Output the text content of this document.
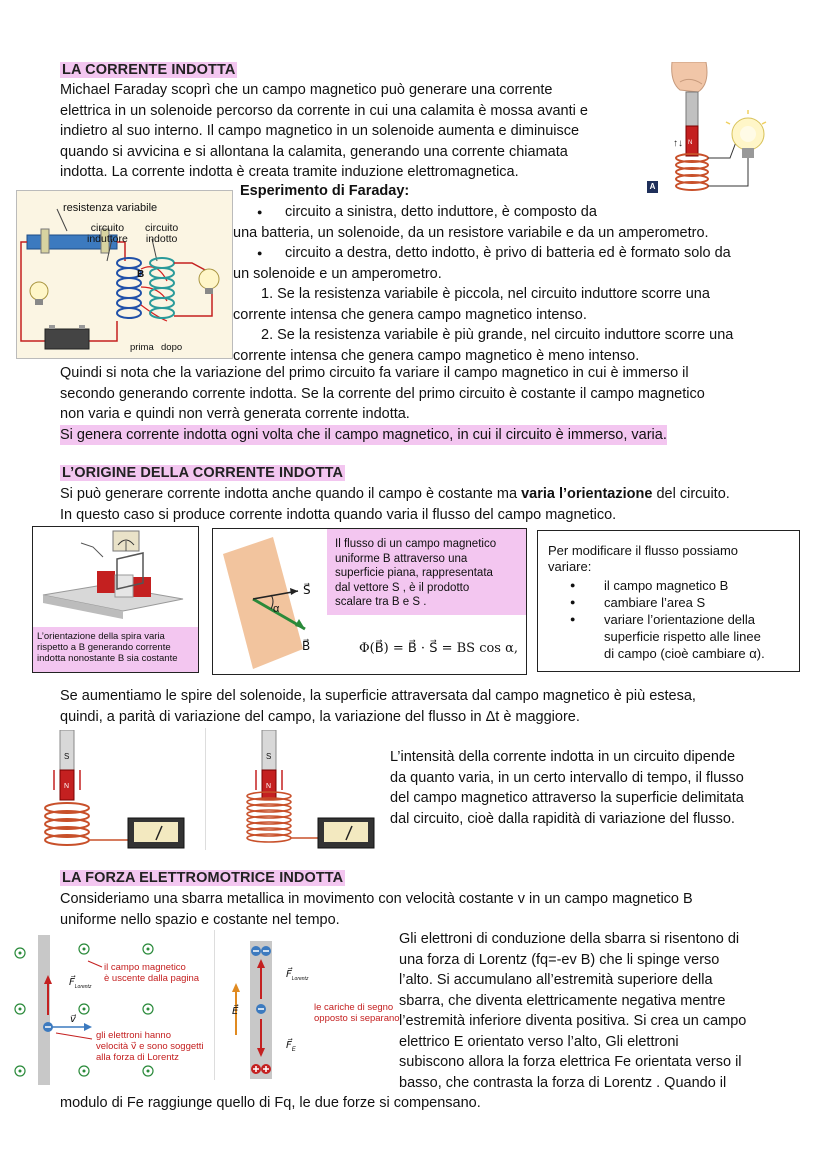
LA CORRENTE INDOTTA
Michael Faraday scoprì che un campo magnetico può generare una corrente
elettrica in un solenoide percorso da corrente in cui una calamita è mossa avanti e
indietro al suo interno. Il campo magnetico in un solenoide aumenta e diminuisce
quando si avvicina e si allontana la calamita, generando una corrente chiamata
indotta. La corrente indotta è creata tramite induzione elettromagnetica.
N
↑↓
A
resistenza variabile
circuito
induttore
circuito
indotto
B
prima dopo
Esperimento di Faraday:
● circuito a sinistra, detto induttore, è composto da
una batteria, un solenoide, da un resistore variabile e da un amperometro.
● circuito a destra, detto indotto, è privo di batteria ed è formato solo da
un solenoide e un amperometro.
1. Se la resistenza variabile è piccola, nel circuito induttore scorre una
corrente intensa che genera campo magnetico intenso.
2. Se la resistenza variabile è più grande, nel circuito induttore scorre una
corrente intensa che genera campo magnetico è meno intenso.
Quindi si nota che la variazione del primo circuito fa variare il campo magnetico in cui è immerso il
secondo generando corrente indotta. Se la corrente del primo circuito è costante il campo magnetico
non varia e quindi non verrà generata corrente indotta.
Si genera corrente indotta ogni volta che il campo magnetico, in cui il circuito è immerso, varia.
L’ORIGINE DELLA CORRENTE INDOTTA
Si può generare corrente indotta anche quando il campo è costante ma varia l’orientazione del circuito.
In questo caso si produce corrente indotta quando varia il flusso del campo magnetico.
L’orientazione della spira varia
rispetto a B generando corrente
indotta nonostante B sia costante
S⃗
B⃗
α
Il flusso di un campo magnetico
uniforme B attraverso una
superficie piana, rappresentata
dal vettore S , è il prodotto
scalare tra B e S .
Φ(B⃗) = B⃗ · S⃗ = BS cos α,
Per modificare il flusso possiamo
variare:
● il campo magnetico B
● cambiare l’area S
● variare l’orientazione della
superficie rispetto alle linee
di campo (cioè cambiare α).
Se aumentiamo le spire del solenoide, la superficie attraversata dal campo magnetico è più estesa,
quindi, a parità di variazione del campo, la variazione del flusso in Δt è maggiore.
S
N
S
N
L’intensità della corrente indotta in un circuito dipende
da quanto varia, in un certo intervallo di tempo, il flusso
del campo magnetico attraverso la superficie delimitata
dal circuito, cioè dalla rapidità di variazione del flusso.
LA FORZA ELETTROMOTRICE INDOTTA
Consideriamo una sbarra metallica in movimento con velocità costante v in un campo magnetico B
uniforme nello spazio e costante nel tempo.
$F⃗_{Lorentz}$
v⃗
il campo magnetico
è uscente dalla pagina
gli elettroni hanno
velocità v⃗ e sono soggetti
alla forza di Lorentz
E⃗
$F⃗_{Lorentz}$
$F⃗_E$
le cariche di segno
opposto si separano
Gli elettroni di conduzione della sbarra si risentono di
una forza di Lorentz (fq=-ev B) che li spinge verso
l’alto. Si accumulano all’estremità superiore della
sbarra, che diventa elettricamente negativa mentre
l’estremità inferiore diventa positiva. Si crea un campo
elettrico E orientato verso l’alto, Gli elettroni
subiscono allora la forza elettrica Fe orientata verso il
basso, che contrasta la forza di Lorentz . Quando il
modulo di Fe raggiunge quello di Fq, le due forze si compensano.
